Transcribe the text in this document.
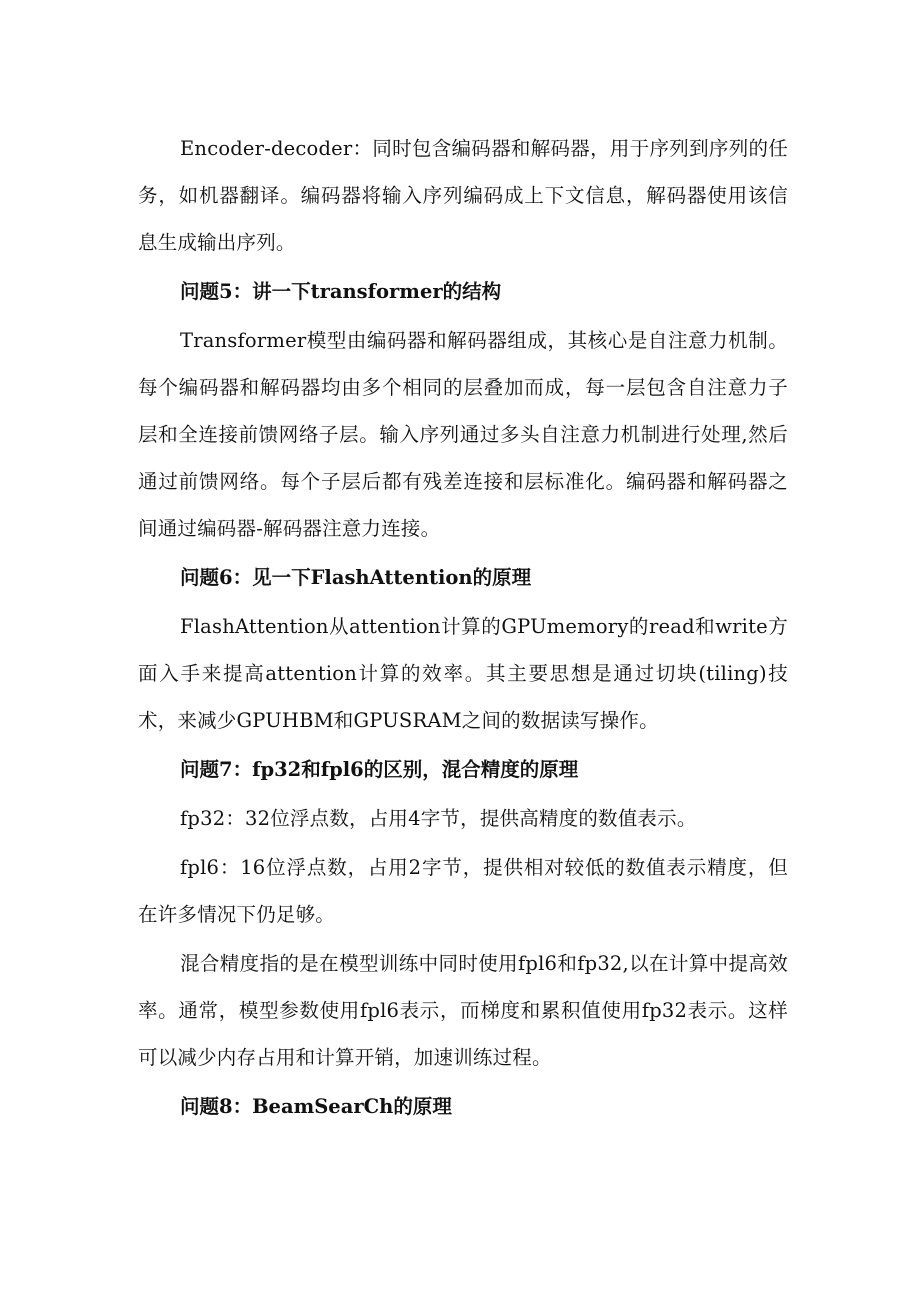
Encoder-decoder：同时包含编码器和解码器，用于序列到序列的任务，如机器翻译。编码器将输入序列编码成上下文信息，解码器使用该信息生成输出序列。

问题5：讲一下transformer的结构

Transformer模型由编码器和解码器组成，其核心是自注意力机制。每个编码器和解码器均由多个相同的层叠加而成，每一层包含自注意力子层和全连接前馈网络子层。输入序列通过多头自注意力机制进行处理,然后通过前馈网络。每个子层后都有残差连接和层标准化。编码器和解码器之间通过编码器-解码器注意力连接。

问题6：见一下FlashAttention的原理

FlashAttention从attention计算的GPUmemory的read和write方面入手来提高attention计算的效率。其主要思想是通过切块(tiling)技术，来减少GPUHBM和GPUSRAM之间的数据读写操作。

问题7：fp32和fpl6的区别，混合精度的原理

fp32：32位浮点数，占用4字节，提供高精度的数值表示。

fpl6：16位浮点数，占用2字节，提供相对较低的数值表示精度，但在许多情况下仍足够。

混合精度指的是在模型训练中同时使用fpl6和fp32,以在计算中提高效率。通常，模型参数使用fpl6表示，而梯度和累积值使用fp32表示。这样可以减少内存占用和计算开销，加速训练过程。

问题8：BeamSearCh的原理
